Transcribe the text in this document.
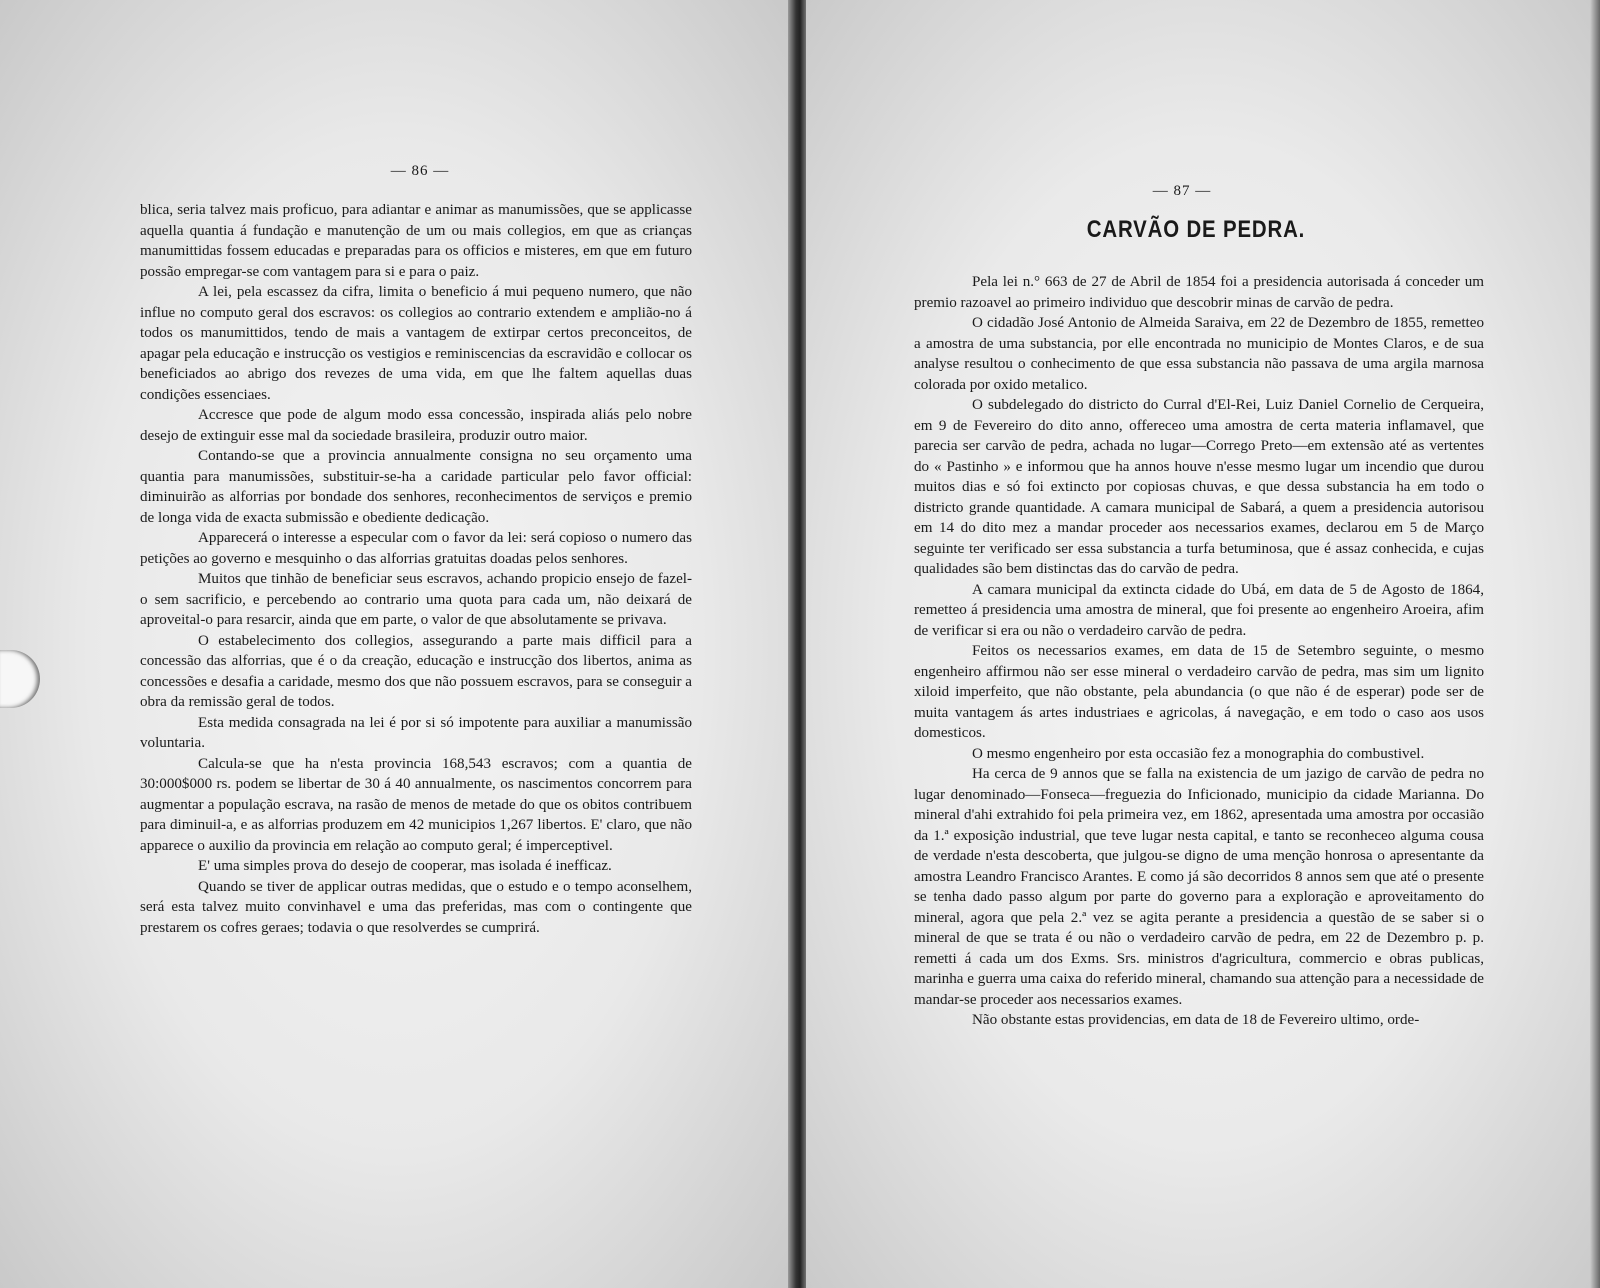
— 86 —

blica, seria talvez mais proficuo, para adiantar e animar as manumissões, que se applicasse aquella quantia á fundação e manutenção de um ou mais collegios, em que as crianças manumittidas fossem educadas e preparadas para os officios e misteres, em que em futuro possão empregar-se com vantagem para si e para o paiz.

A lei, pela escassez da cifra, limita o beneficio á mui pequeno numero, que não influe no computo geral dos escravos: os collegios ao contrario extendem e amplião-no á todos os manumittidos, tendo de mais a vantagem de extirpar certos preconceitos, de apagar pela educação e instrucção os vestigios e reminiscencias da escravidão e collocar os beneficiados ao abrigo dos revezes de uma vida, em que lhe faltem aquellas duas condições essenciaes.

Accresce que pode de algum modo essa concessão, inspirada aliás pelo nobre desejo de extinguir esse mal da sociedade brasileira, produzir outro maior.

Contando-se que a provincia annualmente consigna no seu orçamento uma quantia para manumissões, substituir-se-ha a caridade particular pelo favor official: diminuirão as alforrias por bondade dos senhores, reconhecimentos de serviços e premio de longa vida de exacta submissão e obediente dedicação.

Apparecerá o interesse a especular com o favor da lei: será copioso o numero das petições ao governo e mesquinho o das alforrias gratuitas doadas pelos senhores.

Muitos que tinhão de beneficiar seus escravos, achando propicio ensejo de fazel-o sem sacrificio, e percebendo ao contrario uma quota para cada um, não deixará de aproveital-o para resarcir, ainda que em parte, o valor de que absolutamente se privava.

O estabelecimento dos collegios, assegurando a parte mais difficil para a concessão das alforrias, que é o da creação, educação e instrucção dos libertos, anima as concessões e desafia a caridade, mesmo dos que não possuem escravos, para se conseguir a obra da remissão geral de todos.

Esta medida consagrada na lei é por si só impotente para auxiliar a manumissão voluntaria.

Calcula-se que ha n'esta provincia 168,543 escravos; com a quantia de 30:000$000 rs. podem se libertar de 30 á 40 annualmente, os nascimentos concorrem para augmentar a população escrava, na rasão de menos de metade do que os obitos contribuem para diminuil-a, e as alforrias produzem em 42 municipios 1,267 libertos. E' claro, que não apparece o auxilio da provincia em relação ao computo geral; é imperceptivel.

E' uma simples prova do desejo de cooperar, mas isolada é inefficaz.

Quando se tiver de applicar outras medidas, que o estudo e o tempo aconselhem, será esta talvez muito convinhavel e uma das preferidas, mas com o contingente que prestarem os cofres geraes; todavia o que resolverdes se cumprirá.

— 87 —
CARVÃO DE PEDRA.

Pela lei n.° 663 de 27 de Abril de 1854 foi a presidencia autorisada á conceder um premio razoavel ao primeiro individuo que descobrir minas de carvão de pedra.

O cidadão José Antonio de Almeida Saraiva, em 22 de Dezembro de 1855, remetteo a amostra de uma substancia, por elle encontrada no municipio de Montes Claros, e de sua analyse resultou o conhecimento de que essa substancia não passava de uma argila marnosa colorada por oxido metalico.

O subdelegado do districto do Curral d'El-Rei, Luiz Daniel Cornelio de Cerqueira, em 9 de Fevereiro do dito anno, offereceo uma amostra de certa materia inflamavel, que parecia ser carvão de pedra, achada no lugar—Corrego Preto—em extensão até as vertentes do « Pastinho » e informou que ha annos houve n'esse mesmo lugar um incendio que durou muitos dias e só foi extincto por copiosas chuvas, e que dessa substancia ha em todo o districto grande quantidade. A camara municipal de Sabará, a quem a presidencia autorisou em 14 do dito mez a mandar proceder aos necessarios exames, declarou em 5 de Março seguinte ter verificado ser essa substancia a turfa betuminosa, que é assaz conhecida, e cujas qualidades são bem distinctas das do carvão de pedra.

A camara municipal da extincta cidade do Ubá, em data de 5 de Agosto de 1864, remetteo á presidencia uma amostra de mineral, que foi presente ao engenheiro Aroeira, afim de verificar si era ou não o verdadeiro carvão de pedra.

Feitos os necessarios exames, em data de 15 de Setembro seguinte, o mesmo engenheiro affirmou não ser esse mineral o verdadeiro carvão de pedra, mas sim um lignito xiloid imperfeito, que não obstante, pela abundancia (o que não é de esperar) pode ser de muita vantagem ás artes industriaes e agricolas, á navegação, e em todo o caso aos usos domesticos.

O mesmo engenheiro por esta occasião fez a monographia do combustivel.

Ha cerca de 9 annos que se falla na existencia de um jazigo de carvão de pedra no lugar denominado—Fonseca—freguezia do Inficionado, municipio da cidade Marianna. Do mineral d'ahi extrahido foi pela primeira vez, em 1862, apresentada uma amostra por occasião da 1.ª exposição industrial, que teve lugar nesta capital, e tanto se reconheceo alguma cousa de verdade n'esta descoberta, que julgou-se digno de uma menção honrosa o apresentante da amostra Leandro Francisco Arantes. E como já são decorridos 8 annos sem que até o presente se tenha dado passo algum por parte do governo para a exploração e aproveitamento do mineral, agora que pela 2.ª vez se agita perante a presidencia a questão de se saber si o mineral de que se trata é ou não o verdadeiro carvão de pedra, em 22 de Dezembro p. p. remetti á cada um dos Exms. Srs. ministros d'agricultura, commercio e obras publicas, marinha e guerra uma caixa do referido mineral, chamando sua attenção para a necessidade de mandar-se proceder aos necessarios exames.

Não obstante estas providencias, em data de 18 de Fevereiro ultimo, orde-
